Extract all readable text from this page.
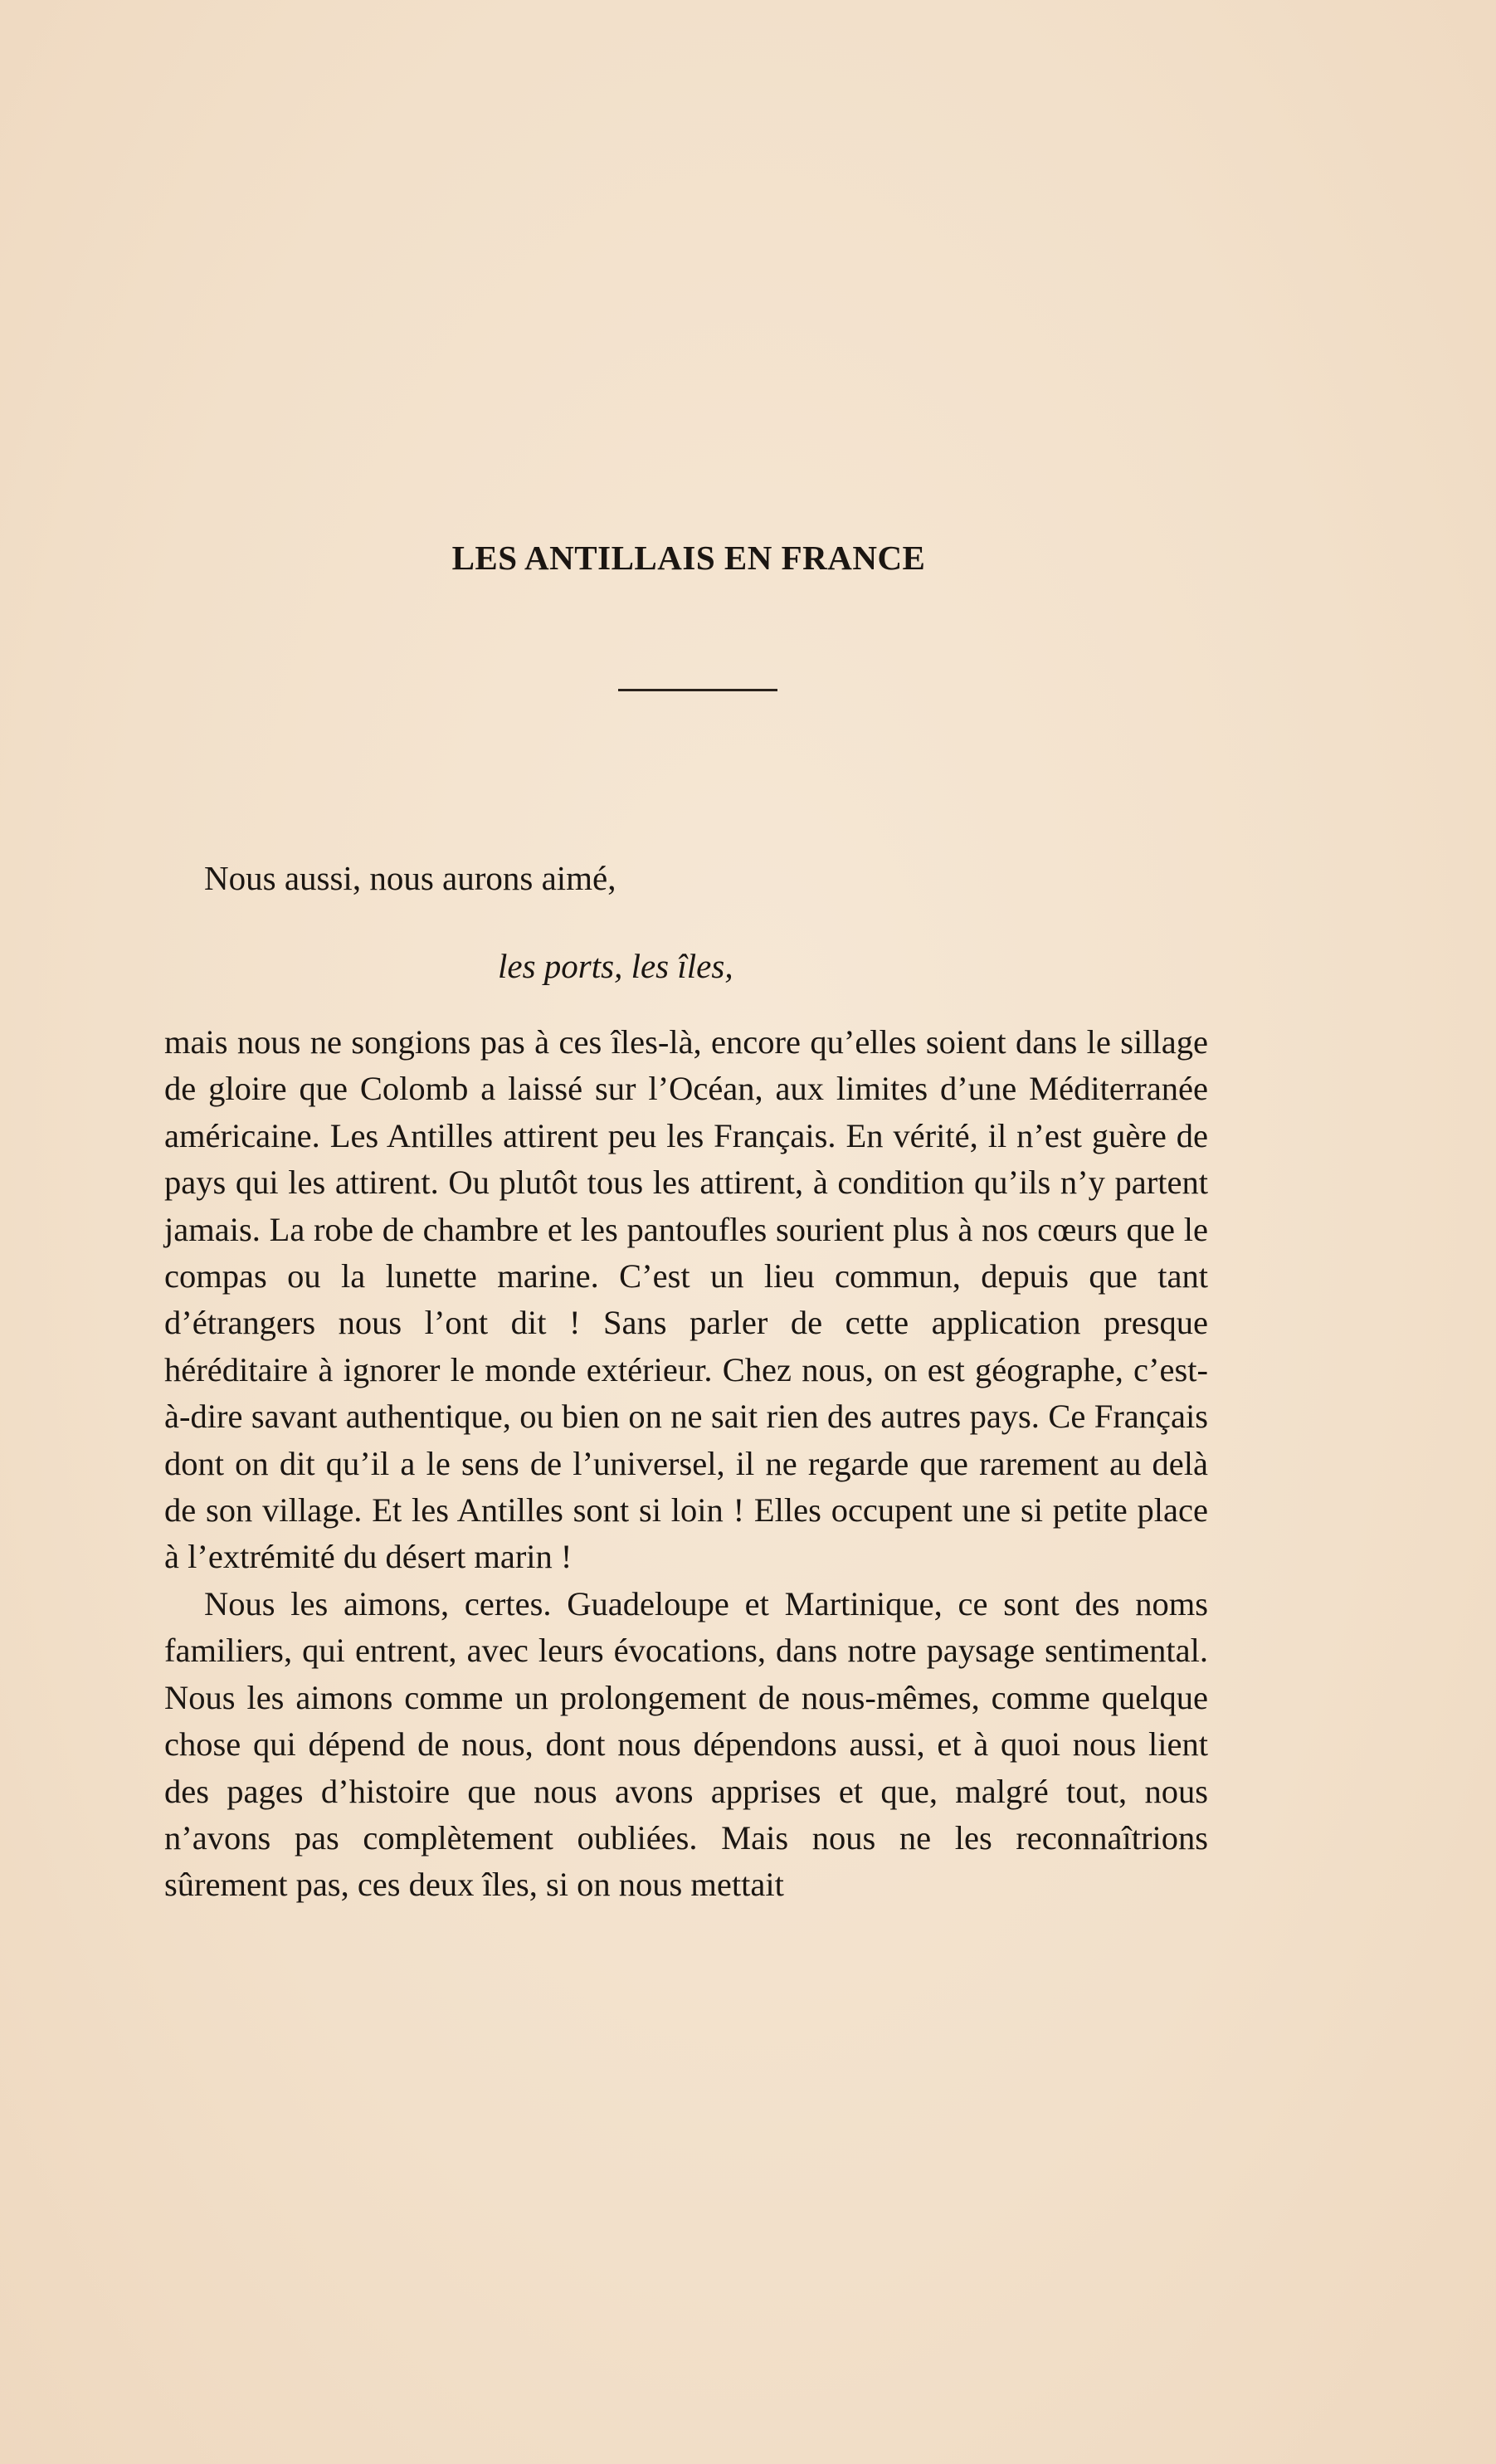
LES ANTILLAIS EN FRANCE

Nous aussi, nous aurons aimé,

les ports, les îles,

mais nous ne songions pas à ces îles-là, encore qu’elles soient dans le sillage de gloire que Colomb a laissé sur l’Océan, aux limites d’une Méditerranée américaine. Les Antilles attirent peu les Français. En vérité, il n’est guère de pays qui les attirent. Ou plutôt tous les attirent, à condition qu’ils n’y partent jamais. La robe de chambre et les pantoufles sourient plus à nos cœurs que le compas ou la lunette marine. C’est un lieu commun, depuis que tant d’étrangers nous l’ont dit ! Sans parler de cette application presque héréditaire à ignorer le monde extérieur. Chez nous, on est géographe, c’est-à-dire savant authentique, ou bien on ne sait rien des autres pays. Ce Français dont on dit qu’il a le sens de l’universel, il ne regarde que rarement au delà de son village. Et les Antilles sont si loin ! Elles occupent une si petite place à l’extrémité du désert marin !

Nous les aimons, certes. Guadeloupe et Martinique, ce sont des noms familiers, qui entrent, avec leurs évocations, dans notre paysage sentimental. Nous les aimons comme un prolongement de nous-mêmes, comme quelque chose qui dépend de nous, dont nous dépendons aussi, et à quoi nous lient des pages d’histoire que nous avons apprises et que, malgré tout, nous n’avons pas complètement oubliées. Mais nous ne les reconnaîtrions sûrement pas, ces deux îles, si on nous mettait
